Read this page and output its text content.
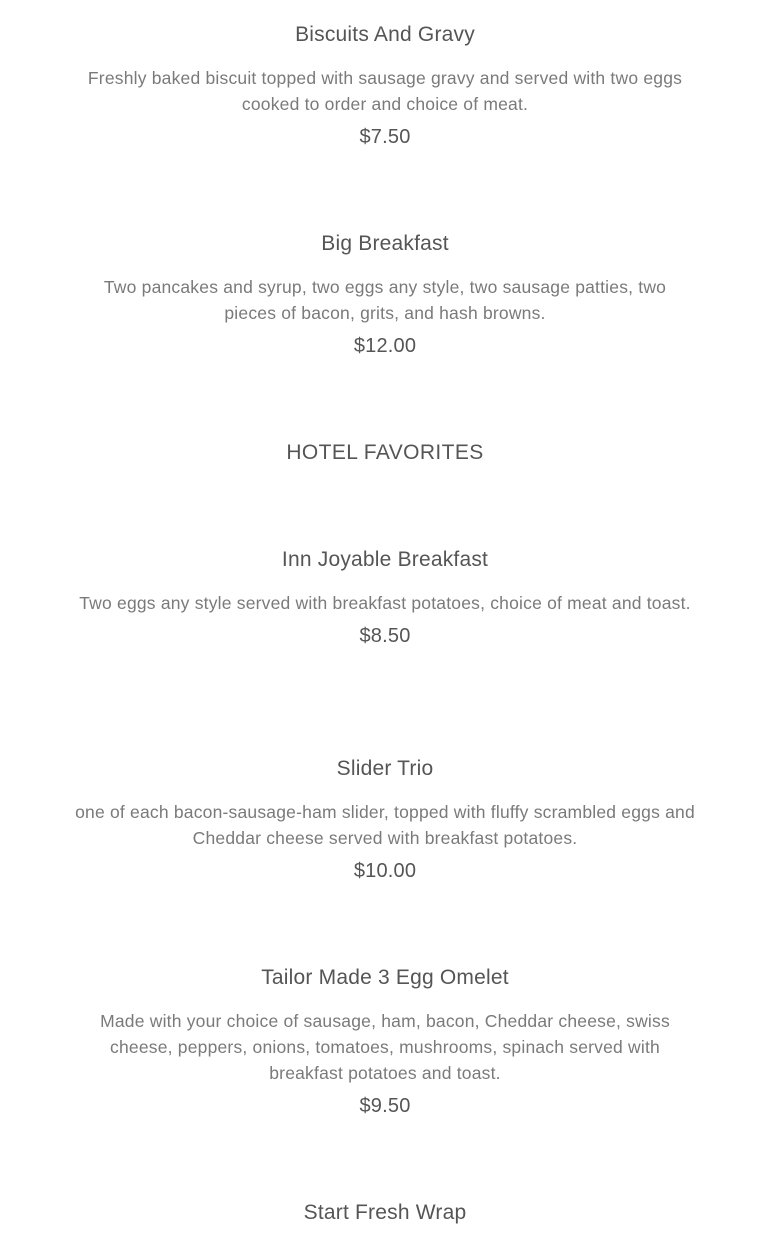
Biscuits And Gravy
Freshly baked biscuit topped with sausage gravy and served with two eggs cooked to order and choice of meat.
$7.50
Big Breakfast
Two pancakes and syrup, two eggs any style, two sausage patties, two pieces of bacon, grits, and hash browns.
$12.00
HOTEL FAVORITES
Inn Joyable Breakfast
Two eggs any style served with breakfast potatoes, choice of meat and toast.
$8.50
Slider Trio
one of each bacon-sausage-ham slider, topped with fluffy scrambled eggs and Cheddar cheese served with breakfast potatoes.
$10.00
Tailor Made 3 Egg Omelet
Made with your choice of sausage, ham, bacon, Cheddar cheese, swiss cheese, peppers, onions, tomatoes, mushrooms, spinach served with breakfast potatoes and toast.
$9.50
Start Fresh Wrap
